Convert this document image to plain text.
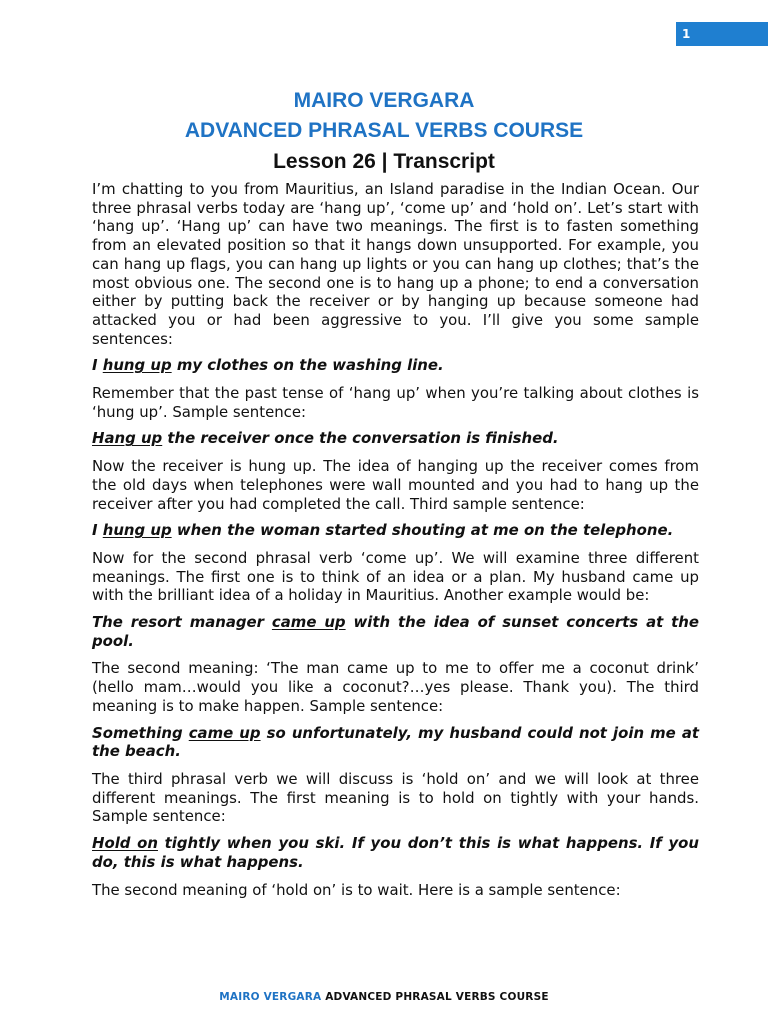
1
MAIRO VERGARA
ADVANCED PHRASAL VERBS COURSE
Lesson 26 | Transcript

I’m chatting to you from Mauritius, an Island paradise in the Indian Ocean. Our three phrasal verbs today are ‘hang up’, ‘come up’ and ‘hold on’. Let’s start with ‘hang up’. ‘Hang up’ can have two meanings. The first is to fasten something from an elevated position so that it hangs down unsupported. For example, you can hang up flags, you can hang up lights or you can hang up clothes; that’s the most obvious one. The second one is to hang up a phone; to end a conversation either by putting back the receiver or by hanging up because someone had attacked you or had been aggressive to you. I’ll give you some sample sentences:

I hung up my clothes on the washing line.

Remember that the past tense of ‘hang up’ when you’re talking about clothes is ‘hung up’. Sample sentence:

Hang up the receiver once the conversation is finished.

Now the receiver is hung up. The idea of hanging up the receiver comes from the old days when telephones were wall mounted and you had to hang up the receiver after you had completed the call. Third sample sentence:

I hung up when the woman started shouting at me on the telephone.

Now for the second phrasal verb ‘come up’. We will examine three different meanings. The first one is to think of an idea or a plan. My husband came up with the brilliant idea of a holiday in Mauritius. Another example would be:

The resort manager came up with the idea of sunset concerts at the pool.

The second meaning: ‘The man came up to me to offer me a coconut drink’ (hello mam…would you like a coconut?…yes please. Thank you). The third meaning is to make happen. Sample sentence:

Something came up so unfortunately, my husband could not join me at the beach.

The third phrasal verb we will discuss is ‘hold on’ and we will look at three different meanings. The first meaning is to hold on tightly with your hands. Sample sentence:

Hold on tightly when you ski. If you don’t this is what happens. If you do, this is what happens.

The second meaning of ‘hold on’ is to wait. Here is a sample sentence:

MAIRO VERGARA ADVANCED PHRASAL VERBS COURSE
